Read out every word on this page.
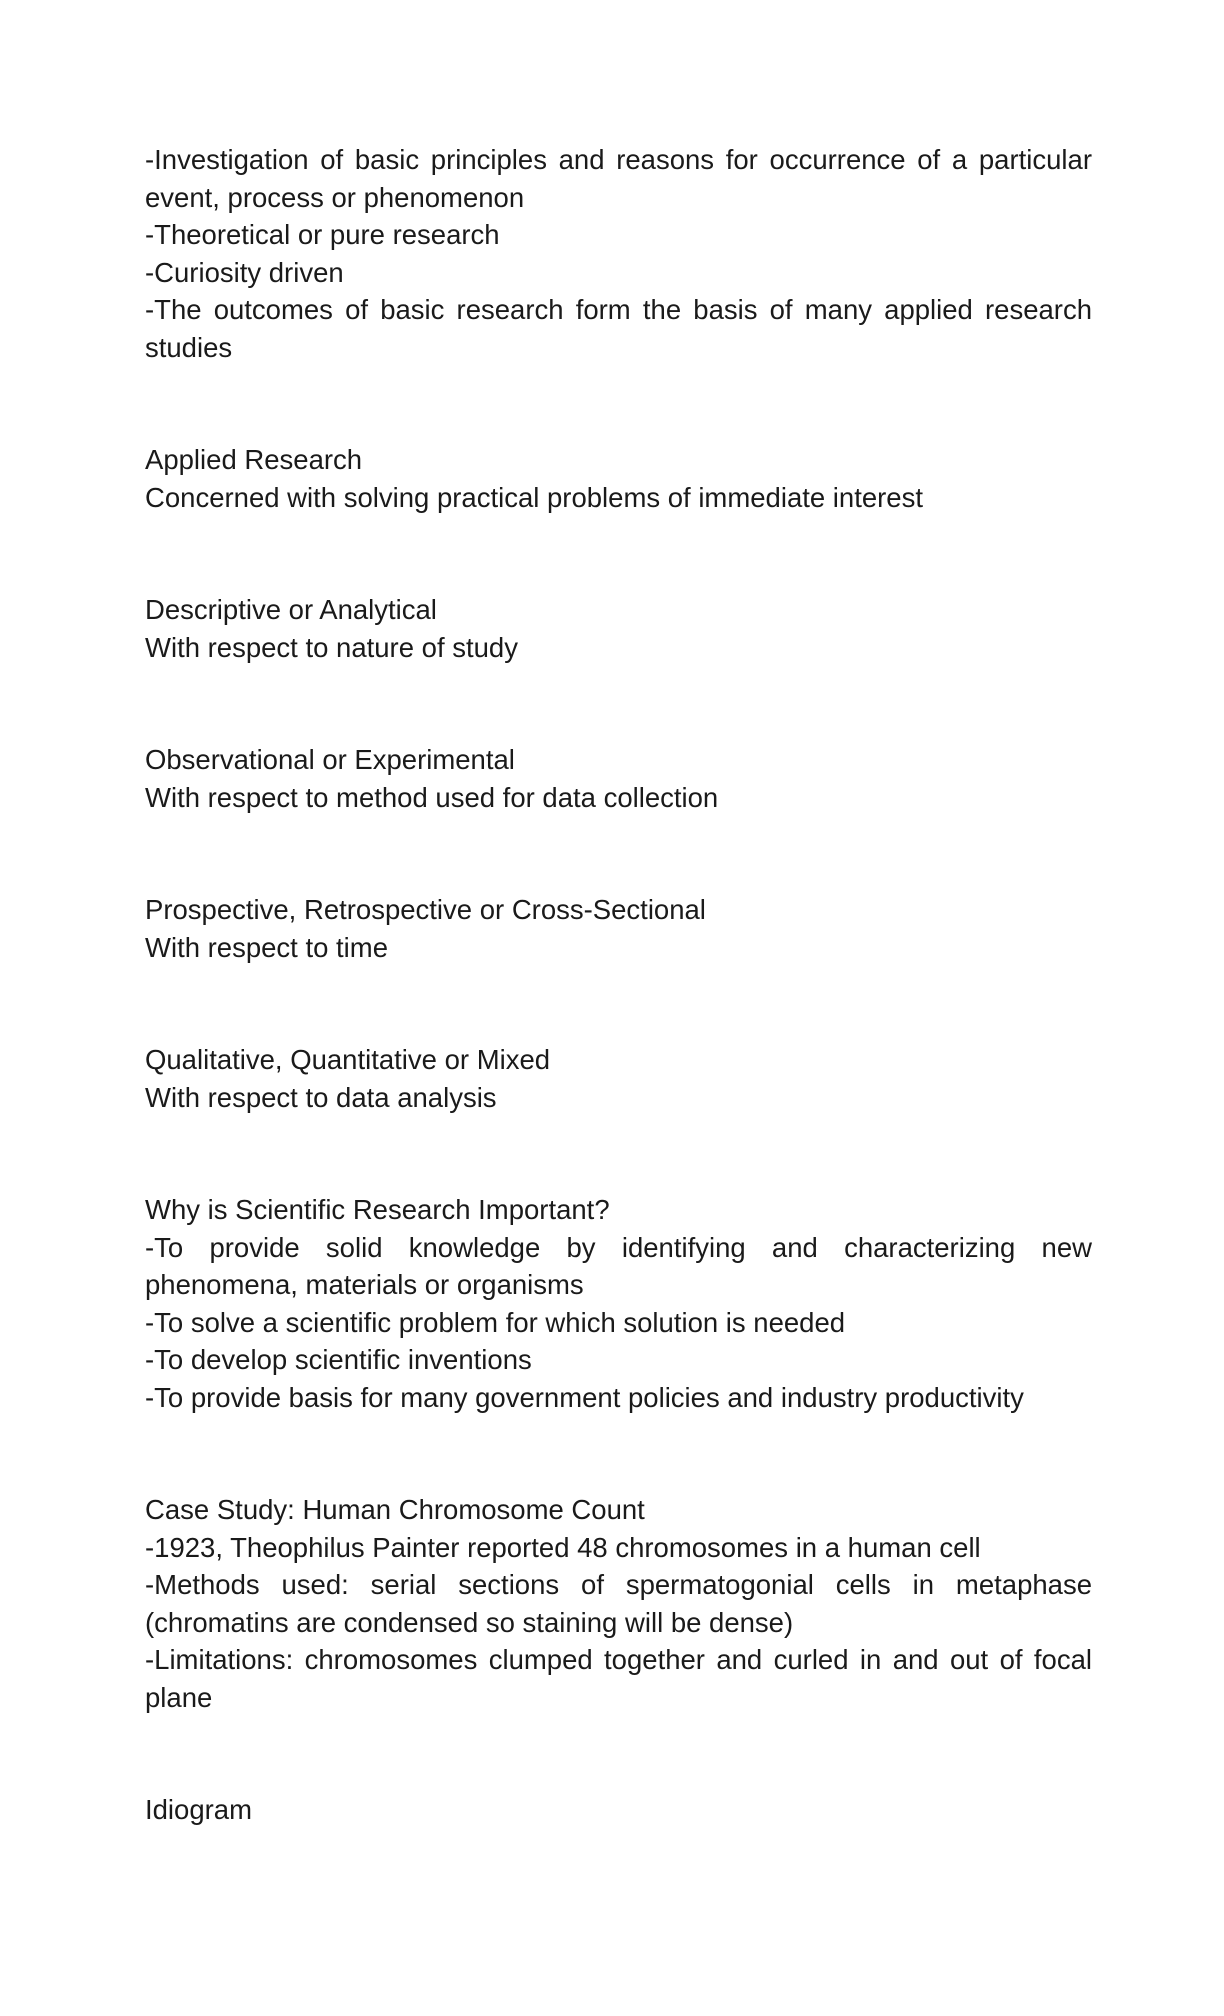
-Investigation of basic principles and reasons for occurrence of a particular
event, process or phenomenon
-Theoretical or pure research
-Curiosity driven
-The outcomes of basic research form the basis of many applied research
studies
Applied Research
Concerned with solving practical problems of immediate interest
Descriptive or Analytical
With respect to nature of study
Observational or Experimental
With respect to method used for data collection
Prospective, Retrospective or Cross-Sectional
With respect to time
Qualitative, Quantitative or Mixed
With respect to data analysis
Why is Scientific Research Important?
-To provide solid knowledge by identifying and characterizing new
phenomena, materials or organisms
-To solve a scientific problem for which solution is needed
-To develop scientific inventions
-To provide basis for many government policies and industry productivity
Case Study: Human Chromosome Count
-1923, Theophilus Painter reported 48 chromosomes in a human cell
-Methods used: serial sections of spermatogonial cells in metaphase
(chromatins are condensed so staining will be dense)
-Limitations: chromosomes clumped together and curled in and out of focal
plane
Idiogram
